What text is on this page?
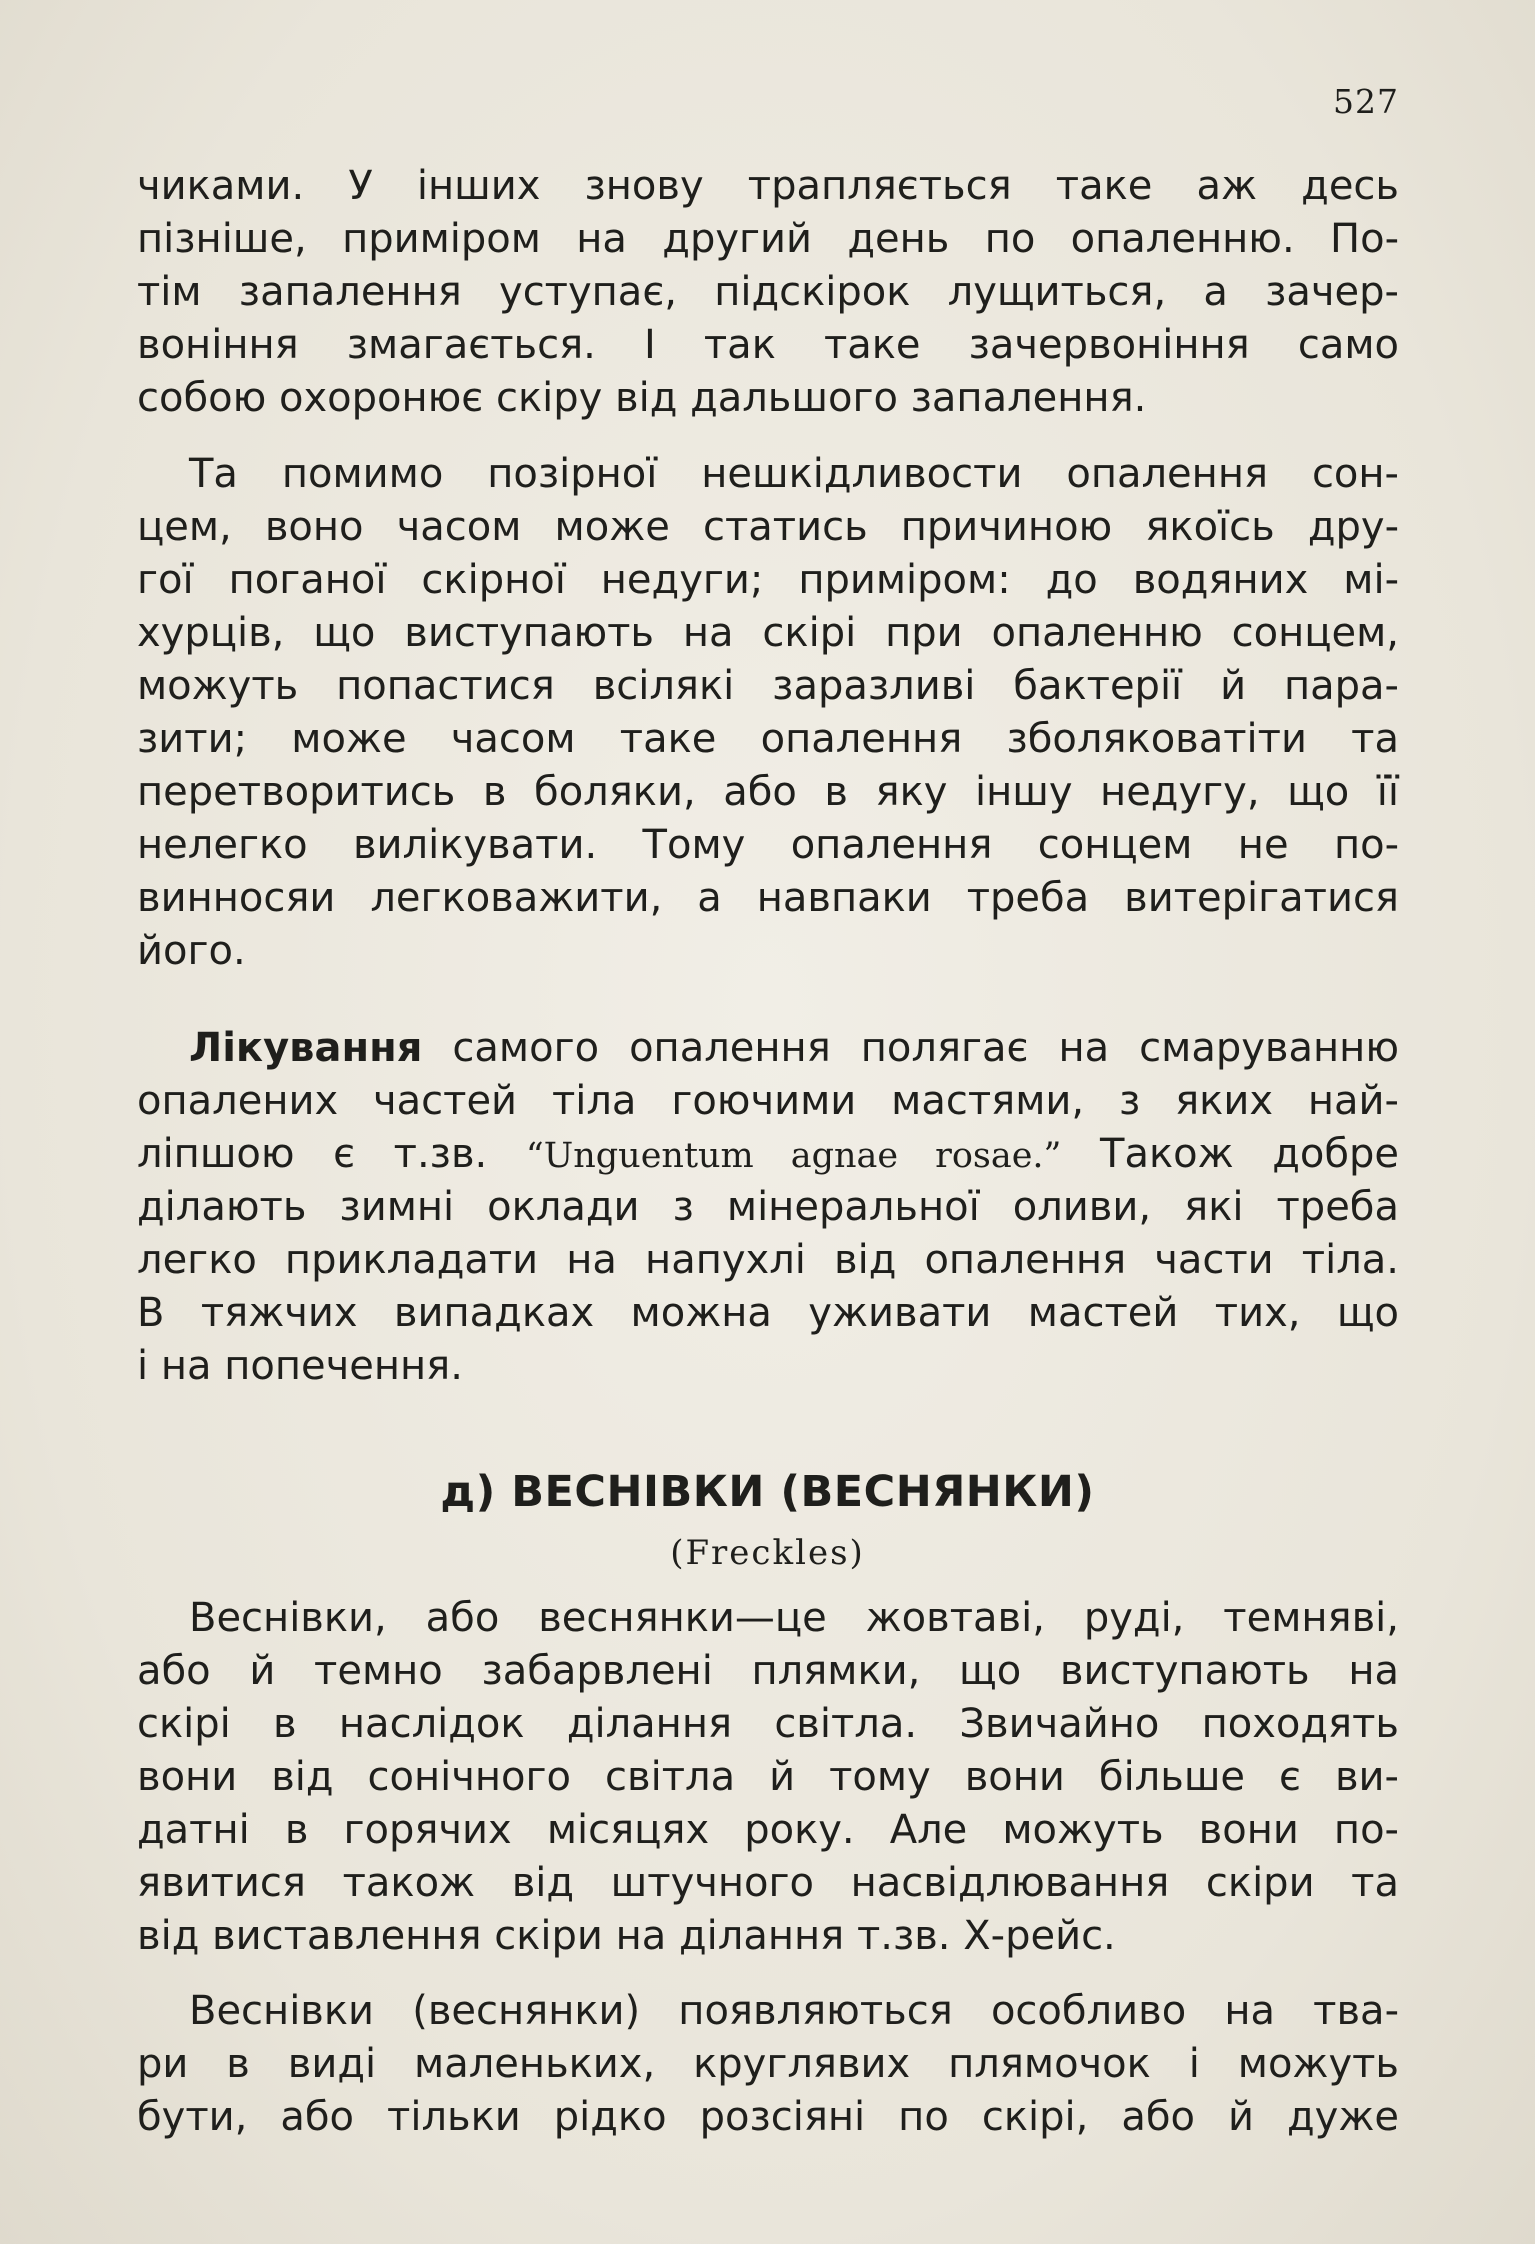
527
чиками. У інших знову трапляється таке аж десь
пізніше, приміром на другий день по опаленню. По-
тім запалення уступає, підскірок лущиться, а зачер-
воніння змагається. І так таке зачервоніння само
собою охоронює скіру від дальшого запалення.
Та помимо позірної нешкідливости опалення сон-
цем, воно часом може статись причиною якоїсь дру-
гої поганої скірної недуги; приміром: до водяних мі-
хурців, що виступають на скірі при опаленню сонцем,
можуть попастися всілякі заразливі бактерії й пара-
зити; може часом таке опалення зболяковатіти та
перетворитись в боляки, або в яку іншу недугу, що її
нелегко вилікувати. Тому опалення сонцем не по-
винносяи легковажити, а навпаки треба витерігатися
його.
Лікування самого опалення полягає на смаруванню
опалених частей тіла гоючими мастями, з яких най-
ліпшою є т.зв. “Unguentum agnae rosae.” Також добре
ділають зимні оклади з мінеральної оливи, які треба
легко прикладати на напухлі від опалення части тіла.
В тяжчих випадках можна уживати мастей тих, що
і на попечення.
д) ВЕСНІВКИ (ВЕСНЯНКИ)
(Freckles)
Веснівки, або веснянки—це жовтаві, руді, темняві,
або й темно забарвлені плямки, що виступають на
скірі в наслідок ділання світла. Звичайно походять
вони від сонічного світла й тому вони більше є ви-
датні в горячих місяцях року. Але можуть вони по-
явитися також від штучного насвідлювання скіри та
від виставлення скіри на ділання т.зв. Х-рейс.
Веснівки (веснянки) появляються особливо на тва-
ри в виді маленьких, круглявих плямочок і можуть
бути, або тільки рідко розсіяні по скірі, або й дуже
